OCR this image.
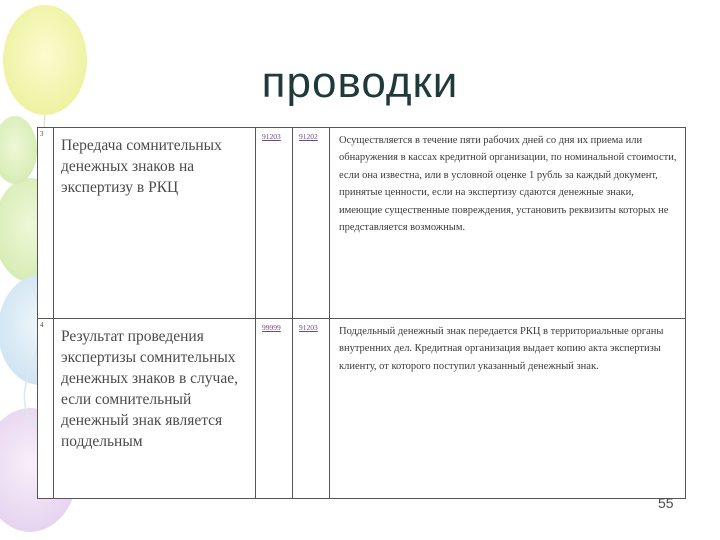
проводки
3	Передача сомнительных денежных знаков на экспертизу в РКЦ	91203	91202	Осуществляется в течение пяти рабочих дней со дня их приема или обнаружения в кассах кредитной организации, по номинальной стоимости, если она известна, или в условной оценке 1 рубль за каждый документ, принятые ценности, если на экспертизу сдаются денежные знаки, имеющие существенные повреждения, установить реквизиты которых не представляется возможным.
4	Результат проведения экспертизы сомнительных денежных знаков в случае, если сомнительный денежный знак является поддельным	99999	91203	Поддельный денежный знак передается РКЦ в территориальные органы внутренних дел. Кредитная организация выдает копию акта экспертизы клиенту, от которого поступил указанный денежный знак.
55
